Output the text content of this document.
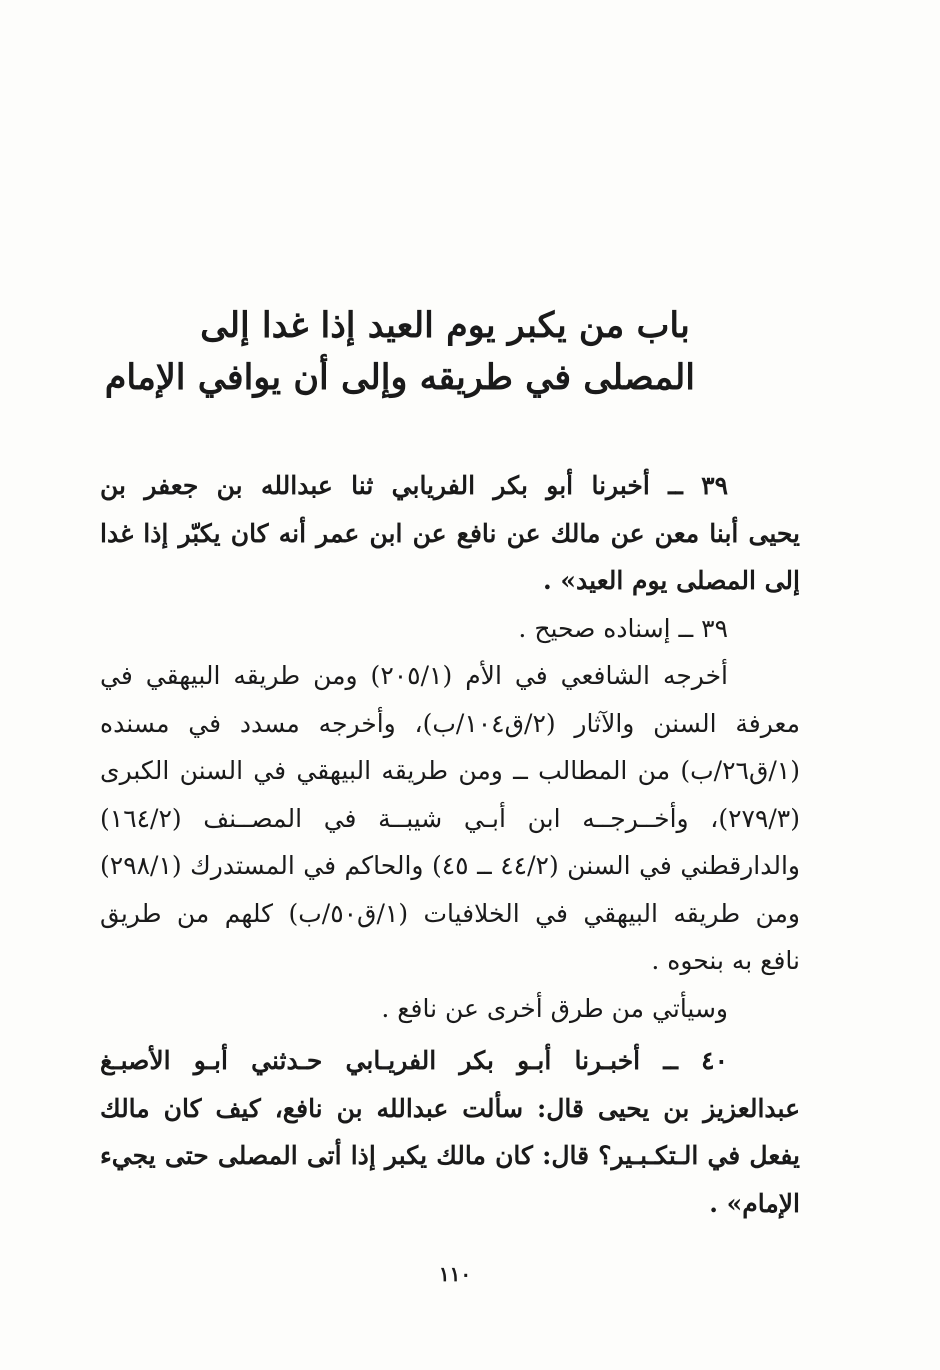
باب من يكبر يوم العيد إذا غدا إلى
المصلى في طريقه وإلى أن يوافي الإمام
٣٩ ــ أخبرنا أبو بكر الفريابي ثنا عبدالله بن جعفر بن
يحيى أبنا معن عن مالك عن نافع عن ابن عمر أنه كان يكبّر إذا غدا
إلى المصلى يوم العيد» .
٣٩ ــ إسناده صحيح .
أخرجه الشافعي في الأم (٢٠٥/١) ومن طريقه البيهقي في
معرفة السنن والآثار (٢/ق١٠٤/ب)، وأخرجه مسدد في مسنده
(١/ق٢٦/ب) من المطالب ــ ومن طريقه البيهقي في السنن الكبرى
(٢٧٩/٣)، وأخــرجــه ابن أبـي شيبــة في المصــنف (١٦٤/٢)
والدارقطني في السنن (٤٤/٢ ــ ٤٥) والحاكم في المستدرك (٢٩٨/١)
ومن طريقه البيهقي في الخلافيات (١/ق٥٠/ب) كلهم من طريق
نافع به بنحوه .
وسيأتي من طرق أخرى عن نافع .
٤٠ ــ أخبـرنا أبـو بكر الفريـابي حـدثني أبـو الأصبـغ
عبدالعزيز بن يحيى قال: سألت عبدالله بن نافع، كيف كان مالك
يفعل في الـتكـبـير؟ قال: كان مالك يكبر إذا أتى المصلى حتى يجيء
الإمام» .
١١٠
